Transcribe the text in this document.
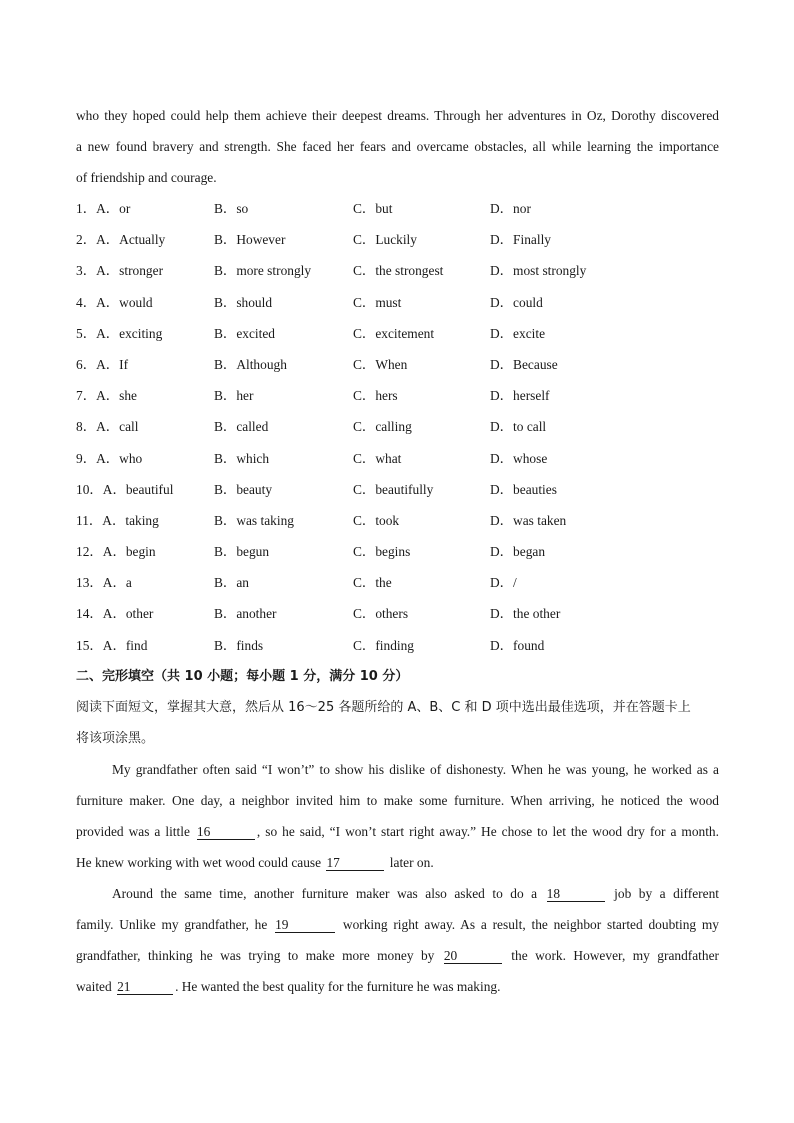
who they hoped could help them achieve their deepest dreams. Through her adventures in Oz, Dorothy discovered
a new found bravery and strength. She faced her fears and overcame obstacles, all while learning the importance
of friendship and courage.
1．A．or	B．so	C．but	D．nor
2．A．Actually	B．However	C．Luckily	D．Finally
3．A．stronger	B．more strongly	C．the strongest	D．most strongly
4．A．would	B．should	C．must	D．could
5．A．exciting	B．excited	C．excitement	D．excite
6．A．If	B．Although	C．When	D．Because
7．A．she	B．her	C．hers	D．herself
8．A．call	B．called	C．calling	D．to call
9．A．who	B．which	C．what	D．whose
10．A．beautiful	B．beauty	C．beautifully	D．beauties
11．A．taking	B．was taking	C．took	D．was taken
12．A．begin	B．begun	C．begins	D．began
13．A．a	B．an	C．the	D．/
14．A．other	B．another	C．others	D．the other
15．A．find	B．finds	C．finding	D．found
二、完形填空（共 10 小题；每小题 1 分，满分 10 分）
阅读下面短文，掌握其大意，然后从 16～25 各题所给的 A、B、C 和 D 项中选出最佳选项，并在答题卡上
将该项涂黑。
My grandfather often said “I won’t” to show his dislike of dishonesty. When he was young, he worked as a
furniture maker. One day, a neighbor invited him to make some furniture. When arriving, he noticed the wood
provided was a little 16	, so he said, “I won’t start right away.” He chose to let the wood dry for a month.
He knew working with wet wood could cause 17	later on.
Around the same time, another furniture maker was also asked to do a 18	job by a different
family. Unlike my grandfather, he 19	working right away. As a result, the neighbor started doubting my
grandfather, thinking he was trying to make more money by 20	the work. However, my grandfather
waited 21	. He wanted the best quality for the furniture he was making.
